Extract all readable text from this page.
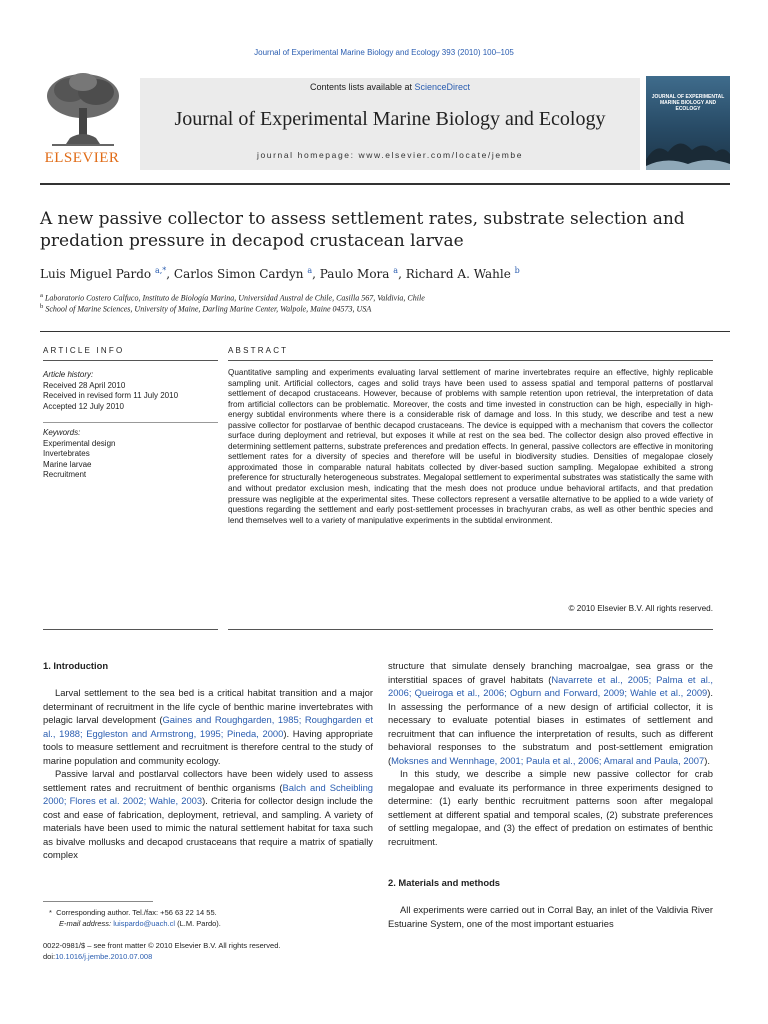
Journal of Experimental Marine Biology and Ecology 393 (2010) 100–105
ELSEVIER
Contents lists available at ScienceDirect
Journal of Experimental Marine Biology and Ecology
journal homepage: www.elsevier.com/locate/jembe
JOURNAL OF EXPERIMENTAL MARINE BIOLOGY AND ECOLOGY
A new passive collector to assess settlement rates, substrate selection and predation pressure in decapod crustacean larvae
Luis Miguel Pardo $^{a,*}$, Carlos Simon Cardyn $^a$, Paulo Mora $^a$, Richard A. Wahle $^b$
$^a$ Laboratorio Costero Calfuco, Instituto de Biología Marina, Universidad Austral de Chile, Casilla 567, Valdivia, Chile
$^b$ School of Marine Sciences, University of Maine, Darling Marine Center, Walpole, Maine 04573, USA
ARTICLE INFO
Article history:
Received 28 April 2010
Received in revised form 11 July 2010
Accepted 12 July 2010
Keywords:
Experimental design
Invertebrates
Marine larvae
Recruitment
ABSTRACT
Quantitative sampling and experiments evaluating larval settlement of marine invertebrates require an effective, highly replicable sampling unit. Artificial collectors, cages and solid trays have been used to assess spatial and temporal patterns of postlarval settlement of decapod crustaceans. However, because of problems with sample retention upon retrieval, the interpretation of data from artificial collectors can be problematic. Moreover, the costs and time invested in construction can be high, especially in high-energy subtidal environments where there is a considerable risk of damage and loss. In this study, we describe and test a new passive collector for postlarvae of benthic decapod crustaceans. The device is equipped with a mechanism that covers the collector surface during deployment and retrieval, but exposes it while at rest on the sea bed. The collector design also proved effective in determining settlement patterns, substrate preferences and predation effects. In general, passive collectors are effective in monitoring settlement rates for a diversity of species and therefore will be useful in biodiversity studies. Densities of megalopae closely approximated those in comparable natural habitats collected by diver-based suction sampling. Megalopae exhibited a strong preference for structurally heterogeneous substrates. Megalopal settlement to experimental substrates was statistically the same with and without predator exclusion mesh, indicating that the mesh does not produce undue behavioral artifacts, and that predation pressure was negligible at the experimental sites. These collectors represent a versatile alternative to be applied to a wide variety of questions regarding the settlement and early post-settlement processes in brachyuran crabs, as well as other benthic species and lend themselves well to a variety of manipulative experiments in the subtidal environment.
© 2010 Elsevier B.V. All rights reserved.
1. Introduction

Larval settlement to the sea bed is a critical habitat transition and a major determinant of recruitment in the life cycle of benthic marine invertebrates with pelagic larval development (Gaines and Roughgarden, 1985; Roughgarden et al., 1988; Eggleston and Armstrong, 1995; Pineda, 2000). Having appropriate tools to measure settlement and recruitment is therefore central to the study of marine population and community ecology.

Passive larval and postlarval collectors have been widely used to assess settlement rates and recruitment of benthic organisms (Balch and Scheibling 2000; Flores et al. 2002; Wahle, 2003). Criteria for collector design include the cost and ease of fabrication, deployment, retrieval, and sampling. A variety of materials have been used to mimic the natural settlement habitat for taxa such as bivalve mollusks and decapod crustaceans that require a matrix of spatially complex

structure that simulate densely branching macroalgae, sea grass or the interstitial spaces of gravel habitats (Navarrete et al., 2005; Palma et al., 2006; Queiroga et al., 2006; Ogburn and Forward, 2009; Wahle et al., 2009). In assessing the performance of a new design of artificial collector, it is necessary to evaluate potential biases in estimates of settlement and recruitment that can influence the interpretation of results, such as different behavioral responses to the substratum and post-settlement emigration (Moksnes and Wennhage, 2001; Paula et al., 2006; Amaral and Paula, 2007).

In this study, we describe a simple new passive collector for crab megalopae and evaluate its performance in three experiments designed to determine: (1) early benthic recruitment patterns soon after megalopal settlement at different spatial and temporal scales, (2) substrate preferences of settling megalopae, and (3) the effect of predation on estimates of benthic recruitment.

2. Materials and methods

All experiments were carried out in Corral Bay, an inlet of the Valdivia River Estuarine System, one of the most important estuaries

* Corresponding author. Tel./fax: +56 63 22 14 55.
E-mail address: luispardo@uach.cl (L.M. Pardo).
0022-0981/$ – see front matter © 2010 Elsevier B.V. All rights reserved.
doi:10.1016/j.jembe.2010.07.008
